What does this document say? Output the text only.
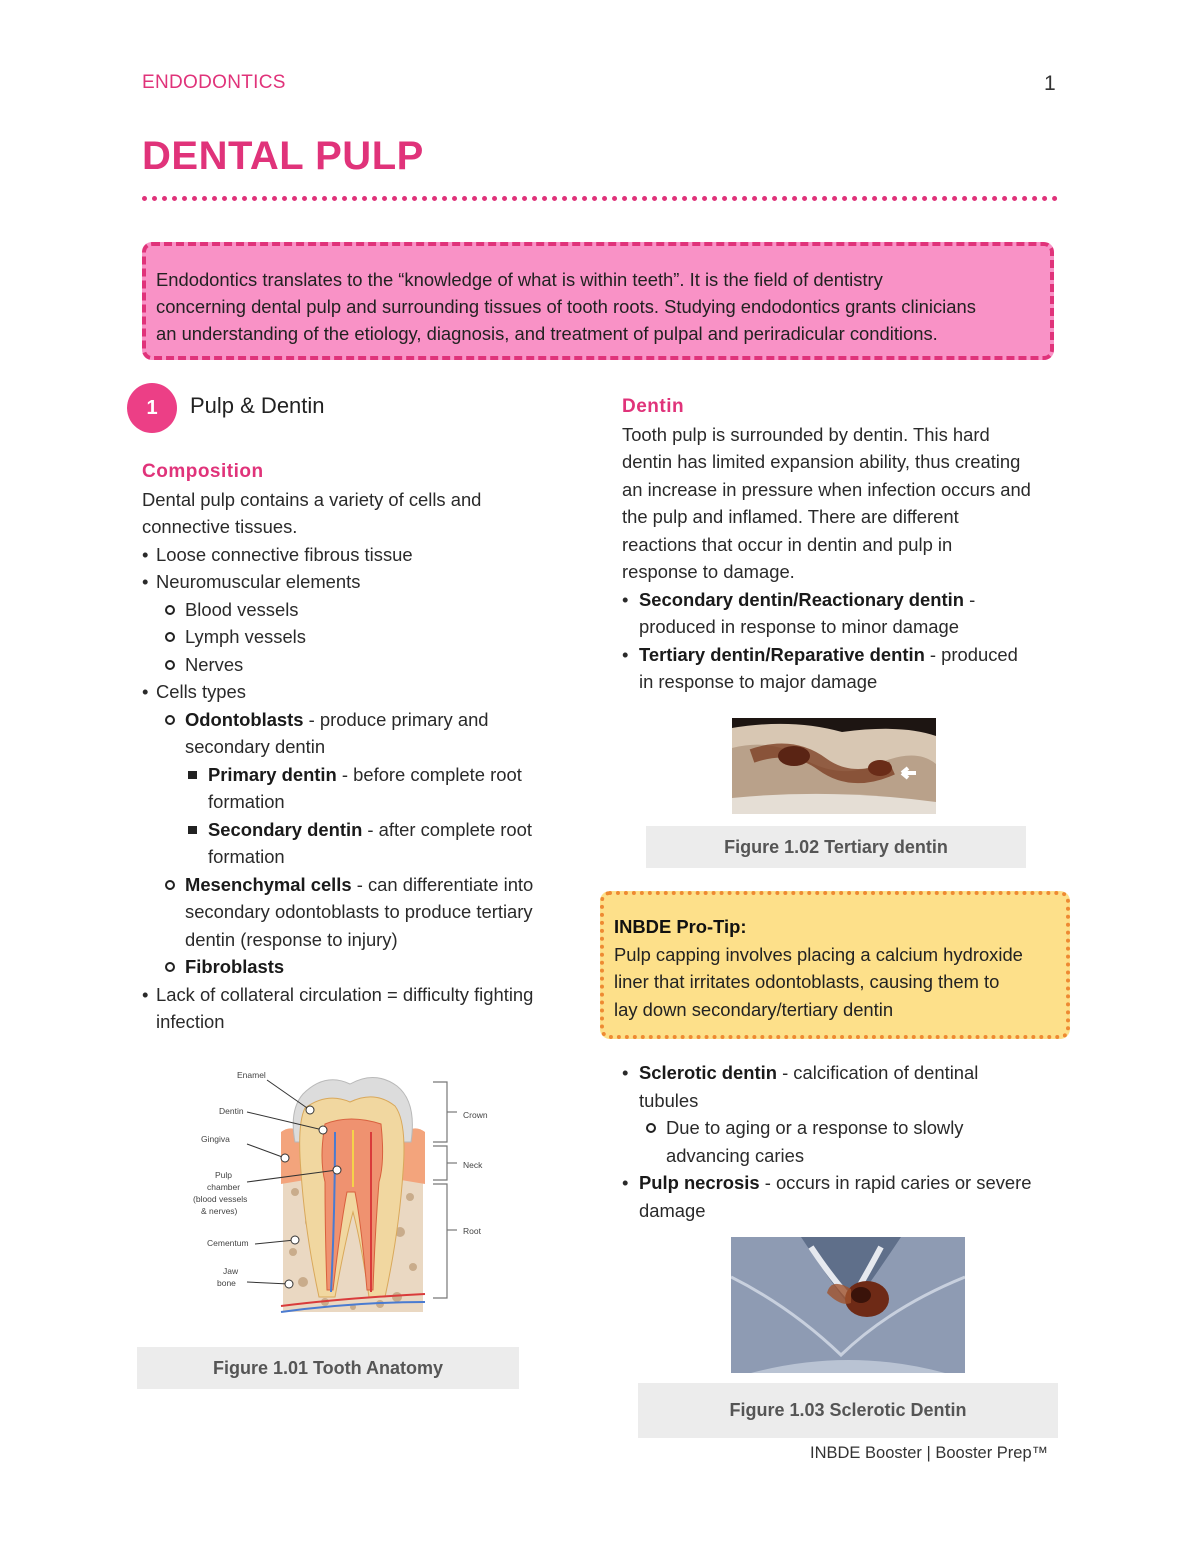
ENDODONTICS	1
DENTAL PULP
Endodontics translates to the “knowledge of what is within teeth”. It is the field of dentistry
concerning dental pulp and surrounding tissues of tooth roots. Studying endodontics grants clinicians
an understanding of the etiology, diagnosis, and treatment of pulpal and periradicular conditions.
1	Pulp & Dentin
Composition
Dental pulp contains a variety of cells and
connective tissues.
• Loose connective fibrous tissue
• Neuromuscular elements
Blood vessels
Lymph vessels
Nerves
• Cells types
Odontoblasts - produce primary and
secondary dentin
Primary dentin - before complete root
formation
Secondary dentin - after complete root
formation
Mesenchymal cells - can differentiate into
secondary odontoblasts to produce tertiary
dentin (response to injury)
Fibroblasts
• Lack of collateral circulation = difficulty fighting
infection
Enamel
Dentin
Gingiva
Pulp
chamber
(blood vessels
& nerves)
Cementum
Jaw
bone
Crown
Neck
Root
Figure 1.01 Tooth Anatomy
Dentin
Tooth pulp is surrounded by dentin. This hard
dentin has limited expansion ability, thus creating
an increase in pressure when infection occurs and
the pulp and inflamed. There are different
reactions that occur in dentin and pulp in
response to damage.
• Secondary dentin/Reactionary dentin -
produced in response to minor damage
• Tertiary dentin/Reparative dentin - produced
in response to major damage
Figure 1.02 Tertiary dentin
INBDE Pro-Tip:
Pulp capping involves placing a calcium hydroxide
liner that irritates odontoblasts, causing them to
lay down secondary/tertiary dentin
• Sclerotic dentin - calcification of dentinal
tubules
Due to aging or a response to slowly
advancing caries
• Pulp necrosis - occurs in rapid caries or severe
damage
Figure 1.03 Sclerotic Dentin
INBDE Booster | Booster Prep™
